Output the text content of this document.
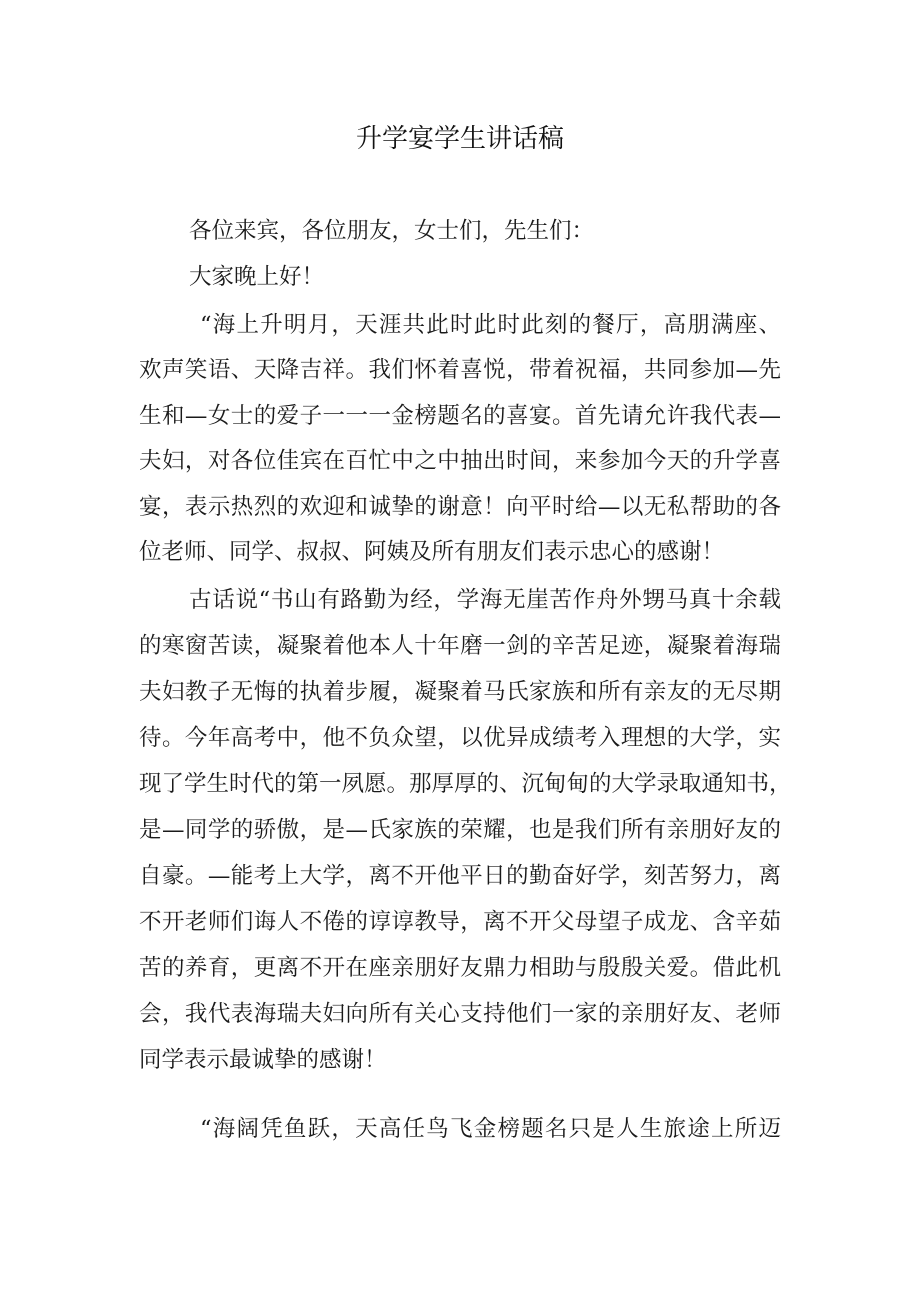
升学宴学生讲话稿
各位来宾，各位朋友，女士们，先生们：
大家晚上好！
“海上升明月，天涯共此时此时此刻的餐厅，高朋满座、
欢声笑语、天降吉祥。我们怀着喜悦，带着祝福，共同参加—先
生和—女士的爱子一一一金榜题名的喜宴。首先请允许我代表—
夫妇，对各位佳宾在百忙中之中抽出时间，来参加今天的升学喜
宴，表示热烈的欢迎和诚挚的谢意！向平时给—以无私帮助的各
位老师、同学、叔叔、阿姨及所有朋友们表示忠心的感谢！
古话说“书山有路勤为经，学海无崖苦作舟外甥马真十余载
的寒窗苦读，凝聚着他本人十年磨一剑的辛苦足迹，凝聚着海瑞
夫妇教子无悔的执着步履，凝聚着马氏家族和所有亲友的无尽期
待。今年高考中，他不负众望，以优异成绩考入理想的大学，实
现了学生时代的第一夙愿。那厚厚的、沉甸甸的大学录取通知书，
是—同学的骄傲，是—氏家族的荣耀，也是我们所有亲朋好友的
自豪。—能考上大学，离不开他平日的勤奋好学，刻苦努力，离
不开老师们诲人不倦的谆谆教导，离不开父母望子成龙、含辛茹
苦的养育，更离不开在座亲朋好友鼎力相助与殷殷关爱。借此机
会，我代表海瑞夫妇向所有关心支持他们一家的亲朋好友、老师
同学表示最诚挚的感谢！
“海阔凭鱼跃，天高任鸟飞金榜题名只是人生旅途上所迈
